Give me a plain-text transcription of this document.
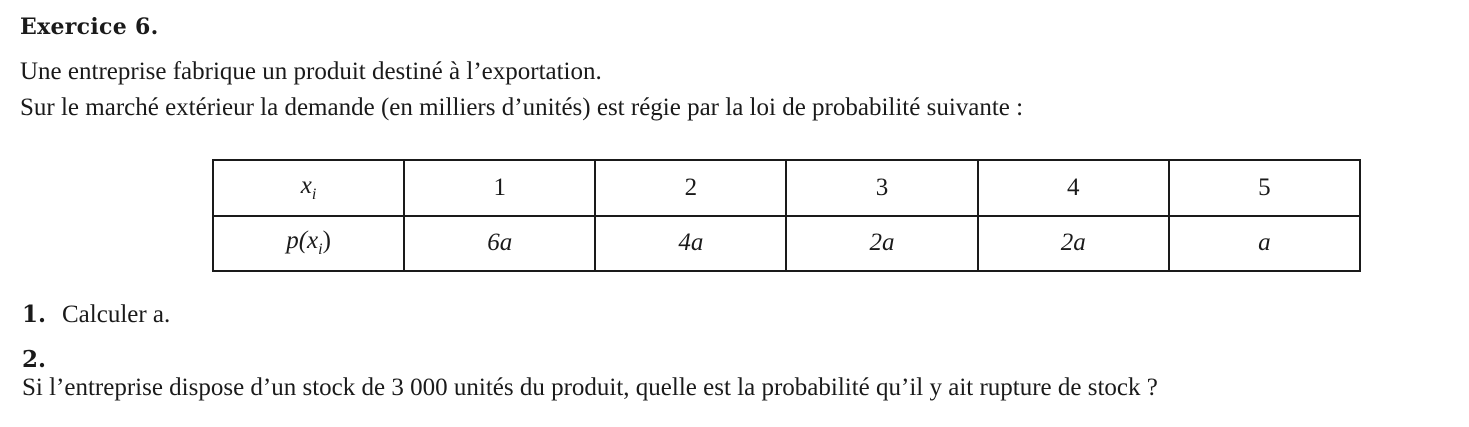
Exercice 6.
Une entreprise fabrique un produit destiné à l’exportation.
Sur le marché extérieur la demande (en milliers d’unités) est régie par la loi de probabilité suivante :
$x_i$	1	2	3	4	5
$p(x_i)$	6a	4a	2a	2a	a
1. Calculer a.
2.Si l’entreprise dispose d’un stock de 3 000 unités du produit, quelle est la probabilité qu’il y ait rupture de stock ?
